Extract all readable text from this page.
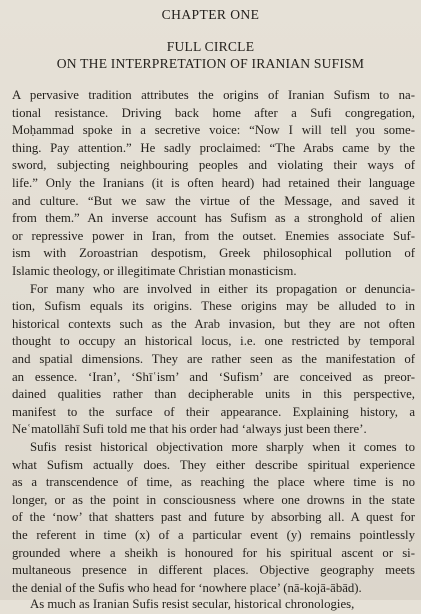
CHAPTER ONE
FULL CIRCLE
ON THE INTERPRETATION OF IRANIAN SUFISM
A pervasive tradition attributes the origins of Iranian Sufism to na-
tional resistance. Driving back home after a Sufi congregation,
Moḥammad spoke in a secretive voice: “Now I will tell you some-
thing. Pay attention.” He sadly proclaimed: “The Arabs came by the
sword, subjecting neighbouring peoples and violating their ways of
life.” Only the Iranians (it is often heard) had retained their language
and culture. “But we saw the virtue of the Message, and saved it
from them.” An inverse account has Sufism as a stronghold of alien
or repressive power in Iran, from the outset. Enemies associate Suf-
ism with Zoroastrian despotism, Greek philosophical pollution of
Islamic theology, or illegitimate Christian monasticism.
For many who are involved in either its propagation or denuncia-
tion, Sufism equals its origins. These origins may be alluded to in
historical contexts such as the Arab invasion, but they are not often
thought to occupy an historical locus, i.e. one restricted by temporal
and spatial dimensions. They are rather seen as the manifestation of
an essence. ‘Iran’, ‘Shīʿism’ and ‘Sufism’ are conceived as preor-
dained qualities rather than decipherable units in this perspective,
manifest to the surface of their appearance. Explaining history, a
Neʿmatollāhī Sufi told me that his order had ‘always just been there’.
Sufis resist historical objectivation more sharply when it comes to
what Sufism actually does. They either describe spiritual experience
as a transcendence of time, as reaching the place where time is no
longer, or as the point in consciousness where one drowns in the state
of the ‘now’ that shatters past and future by absorbing all. A quest for
the referent in time (x) of a particular event (y) remains pointlessly
grounded where a sheikh is honoured for his spiritual ascent or si-
multaneous presence in different places. Objective geography meets
the denial of the Sufis who head for ‘nowhere place’ (nā-kojā-ābād).
As much as Iranian Sufis resist secular, historical chronologies,
